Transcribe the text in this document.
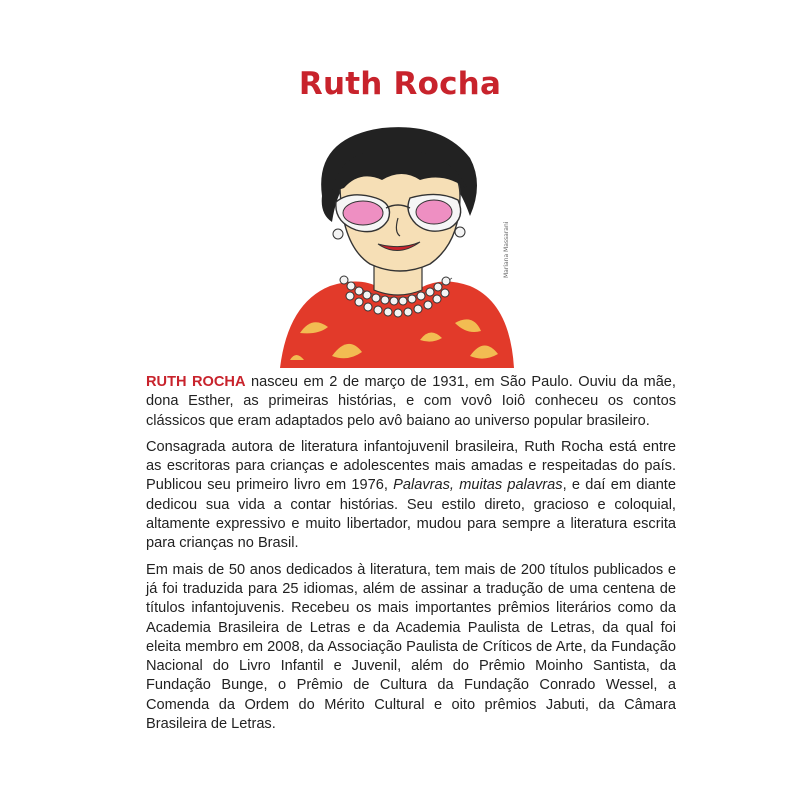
Ruth Rocha
Mariana Massarani

RUTH ROCHA nasceu em 2 de março de 1931, em São Paulo. Ouviu da mãe, dona Esther, as primeiras histórias, e com vovô Ioiô conheceu os contos clássicos que eram adaptados pelo avô baiano ao universo popular brasileiro.

Consagrada autora de literatura infantojuvenil brasileira, Ruth Rocha está entre as escritoras para crianças e adolescentes mais amadas e respeitadas do país. Publicou seu primeiro livro em 1976, Palavras, muitas palavras, e daí em diante dedicou sua vida a contar histórias. Seu estilo direto, gracioso e coloquial, altamente expressivo e muito libertador, mudou para sempre a literatura escrita para crianças no Brasil.

Em mais de 50 anos dedicados à literatura, tem mais de 200 títulos publicados e já foi traduzida para 25 idiomas, além de assinar a tradução de uma centena de títulos infantojuvenis. Recebeu os mais importantes prêmios literários como da Academia Brasileira de Letras e da Academia Paulista de Letras, da qual foi eleita membro em 2008, da Associação Paulista de Críticos de Arte, da Fundação Nacional do Livro Infantil e Juvenil, além do Prêmio Moinho Santista, da Fundação Bunge, o Prêmio de Cultura da Fundação Conrado Wessel, a Comenda da Ordem do Mérito Cultural e oito prêmios Jabuti, da Câmara Brasileira de Letras.
